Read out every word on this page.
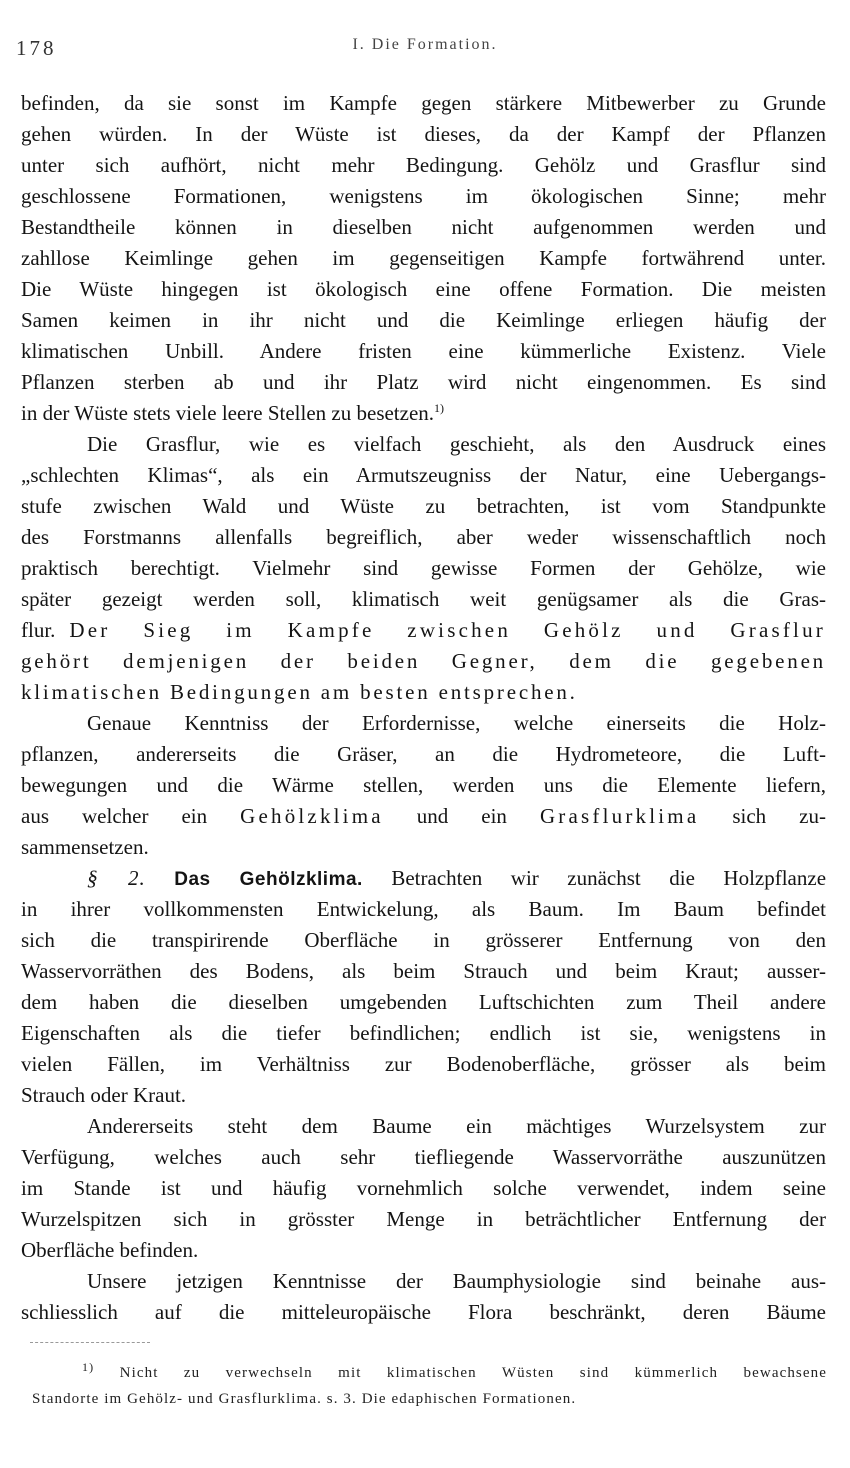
178	I. Die Formation.
befinden, da sie sonst im Kampfe gegen stärkere Mitbewerber zu Grunde
gehen würden. In der Wüste ist dieses, da der Kampf der Pflanzen
unter sich aufhört, nicht mehr Bedingung. Gehölz und Grasflur sind
geschlossene Formationen, wenigstens im ökologischen Sinne; mehr
Bestandtheile können in dieselben nicht aufgenommen werden und
zahllose Keimlinge gehen im gegenseitigen Kampfe fortwährend unter.
Die Wüste hingegen ist ökologisch eine offene Formation. Die meisten
Samen keimen in ihr nicht und die Keimlinge erliegen häufig der
klimatischen Unbill. Andere fristen eine kümmerliche Existenz. Viele
Pflanzen sterben ab und ihr Platz wird nicht eingenommen. Es sind
in der Wüste stets viele leere Stellen zu besetzen.$^{1)}$
Die Grasflur, wie es vielfach geschieht, als den Ausdruck eines
„schlechten Klimas“, als ein Armutszeugniss der Natur, eine Uebergangs-
stufe zwischen Wald und Wüste zu betrachten, ist vom Standpunkte
des Forstmanns allenfalls begreiflich, aber weder wissenschaftlich noch
praktisch berechtigt. Vielmehr sind gewisse Formen der Gehölze, wie
später gezeigt werden soll, klimatisch weit genügsamer als die Gras-
flur. Der Sieg im Kampfe zwischen Gehölz und Grasflur
gehört demjenigen der beiden Gegner, dem die gegebenen
klimatischen Bedingungen am besten entsprechen.
Genaue Kenntniss der Erfordernisse, welche einerseits die Holz-
pflanzen, andererseits die Gräser, an die Hydrometeore, die Luft-
bewegungen und die Wärme stellen, werden uns die Elemente liefern,
aus welcher ein Gehölzklima und ein Grasflurklima sich zu-
sammensetzen.
§ 2. Das Gehölzklima. Betrachten wir zunächst die Holzpflanze
in ihrer vollkommensten Entwickelung, als Baum. Im Baum befindet
sich die transpirirende Oberfläche in grösserer Entfernung von den
Wasservorräthen des Bodens, als beim Strauch und beim Kraut; ausser-
dem haben die dieselben umgebenden Luftschichten zum Theil andere
Eigenschaften als die tiefer befindlichen; endlich ist sie, wenigstens in
vielen Fällen, im Verhältniss zur Bodenoberfläche, grösser als beim
Strauch oder Kraut.
Andererseits steht dem Baume ein mächtiges Wurzelsystem zur
Verfügung, welches auch sehr tiefliegende Wasservorräthe auszunützen
im Stande ist und häufig vornehmlich solche verwendet, indem seine
Wurzelspitzen sich in grösster Menge in beträchtlicher Entfernung der
Oberfläche befinden.
Unsere jetzigen Kenntnisse der Baumphysiologie sind beinahe aus-
schliesslich auf die mitteleuropäische Flora beschränkt, deren Bäume
$^{1)}$ Nicht zu verwechseln mit klimatischen Wüsten sind kümmerlich bewachsene
Standorte im Gehölz- und Grasflurklima. s. 3. Die edaphischen Formationen.
